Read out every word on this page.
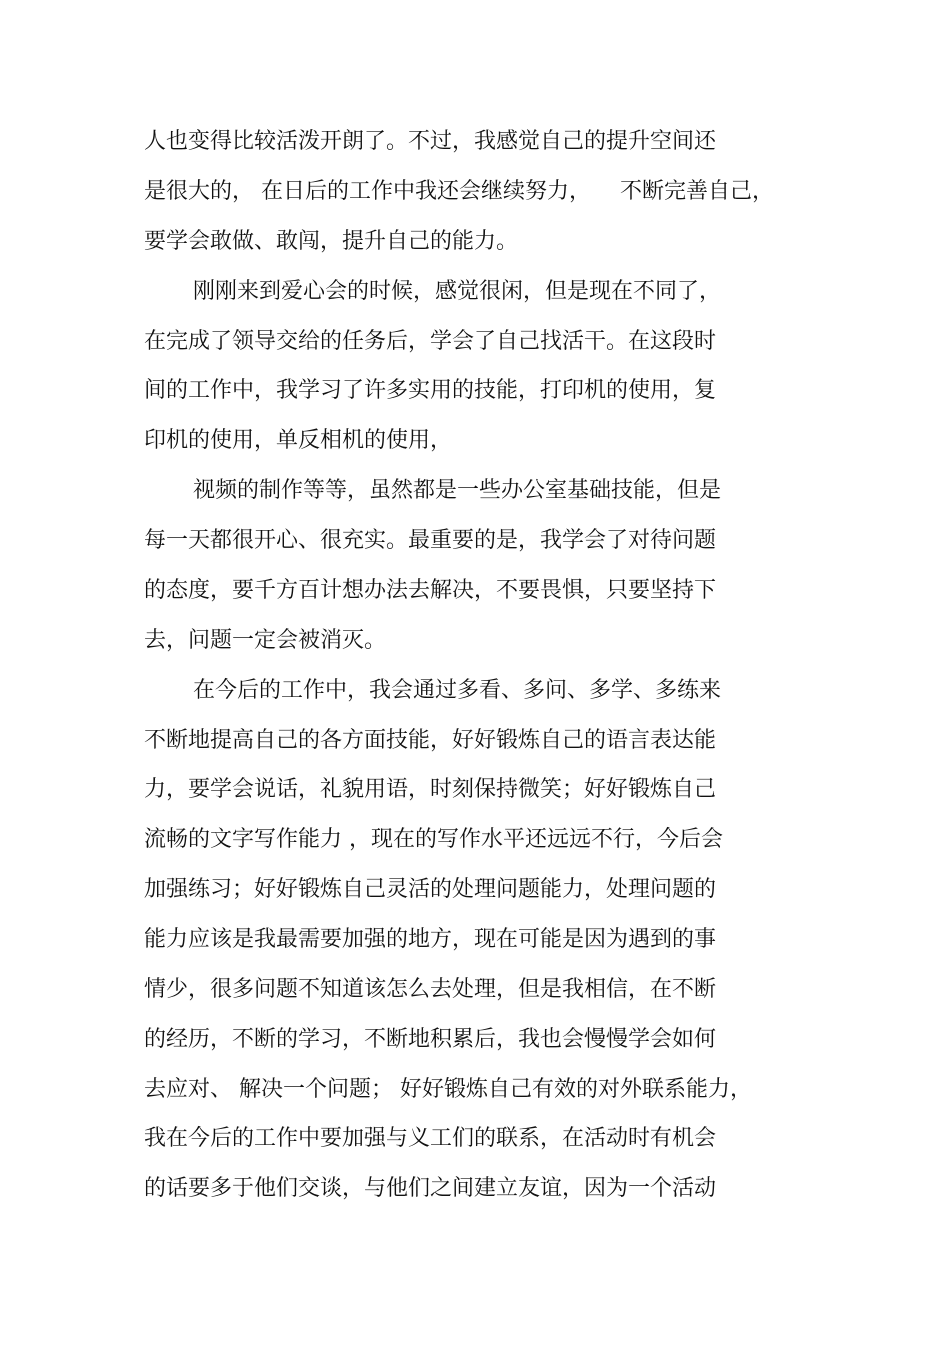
人也变得比较活泼开朗了。不过，我感觉自己的提升空间还

是很大的， 在日后的工作中我还会继续努力， 　不断完善自己，

要学会敢做、敢闯，提升自己的能力。

刚刚来到爱心会的时候，感觉很闲，但是现在不同了，

在完成了领导交给的任务后，学会了自己找活干。在这段时

间的工作中，我学习了许多实用的技能，打印机的使用，复

印机的使用，单反相机的使用，

视频的制作等等，虽然都是一些办公室基础技能，但是

每一天都很开心、很充实。最重要的是，我学会了对待问题

的态度，要千方百计想办法去解决，不要畏惧，只要坚持下

去，问题一定会被消灭。

在今后的工作中，我会通过多看、多问、多学、多练来

不断地提高自己的各方面技能，好好锻炼自己的语言表达能

力，要学会说话，礼貌用语，时刻保持微笑；好好锻炼自己

流畅的文字写作能力 ，现在的写作水平还远远不行，今后会

加强练习；好好锻炼自己灵活的处理问题能力，处理问题的

能力应该是我最需要加强的地方，现在可能是因为遇到的事

情少，很多问题不知道该怎么去处理，但是我相信，在不断

的经历，不断的学习，不断地积累后，我也会慢慢学会如何

去应对、 解决一个问题； 好好锻炼自己有效的对外联系能力，

我在今后的工作中要加强与义工们的联系，在活动时有机会

的话要多于他们交谈，与他们之间建立友谊，因为一个活动
